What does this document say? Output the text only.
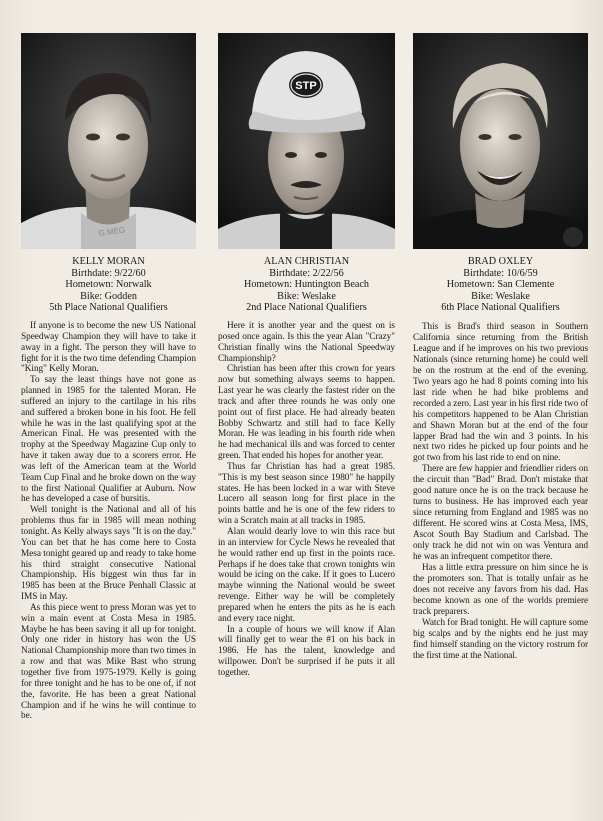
G.MEG
KELLY MORAN
Birthdate: 9/22/60
Hometown: Norwalk
Bike: Godden
5th Place National Qualifiers

If anyone is to become the new US National Speedway Champion they will have to take it away in a fight. The person they will have to fight for it is the two time defending Champion "King" Kelly Moran.

To say the least things have not gone as planned in 1985 for the talented Moran. He suffered an injury to the cartilage in his ribs and suffered a broken bone in his foot. He fell while he was in the last qualifying spot at the American Final. He was presented with the trophy at the Speedway Magazine Cup only to have it taken away due to a scorers error. He was left of the American team at the World Team Cup Final and he broke down on the way to the first National Qualifier at Auburn. Now he has developed a case of bursitis.

Well tonight is the National and all of his problems thus far in 1985 will mean nothing tonight. As Kelly always says "It is on the day." You can bet that he has come here to Costa Mesa tonight geared up and ready to take home his third straight consecutive National Championship. His biggest win thus far in 1985 has been at the Bruce Penhall Classic at IMS in May.

As this piece went to press Moran was yet to win a main event at Costa Mesa in 1985. Maybe he has been saving it all up for tonight. Only one rider in history has won the US National Championship more than two times in a row and that was Mike Bast who strung together five from 1975-1979. Kelly is going for three tonight and he has to be one of, if not the, favorite. He has been a great National Champion and if he wins he will continue to be.

STP
ALAN CHRISTIAN
Birthdate: 2/22/56
Hometown: Huntington Beach
Bike: Weslake
2nd Place National Qualifiers

Here it is another year and the quest on is posed once again. Is this the year Alan "Crazy" Christian finally wins the National Speedway Championship?

Christian has been after this crown for years now but something always seems to happen. Last year he was clearly the fastest rider on the track and after three rounds he was only one point out of first place. He had already beaten Bobby Schwartz and still had to face Kelly Moran. He was leading in his fourth ride when he had mechanical ills and was forced to center green. That ended his hopes for another year.

Thus far Christian has had a great 1985. "This is my best season since 1980" he happily states. He has been locked in a war with Steve Lucero all season long for first place in the points battle and he is one of the few riders to win a Scratch main at all tracks in 1985.

Alan would dearly love to win this race but in an interview for Cycle News he revealed that he would rather end up first in the points race. Perhaps if he does take that crown tonights win would be icing on the cake. If it goes to Lucero maybe winning the National would be sweet revenge. Either way he will be completely prepared when he enters the pits as he is each and every race night.

In a couple of hours we will know if Alan will finally get to wear the #1 on his back in 1986. He has the talent, knowledge and willpower. Don't be surprised if he puts it all together.

BRAD OXLEY
Birthdate: 10/6/59
Hometown: San Clemente
Bike: Weslake
6th Place National Qualifiers

This is Brad's third season in Southern California since returning from the British League and if he improves on his two previous Nationals (since returning home) he could well be on the rostrum at the end of the evening. Two years ago he had 8 points coming into his last ride when he had bike problems and recorded a zero. Last year in his first ride two of his competitors happened to be Alan Christian and Shawn Moran but at the end of the four lapper Brad had the win and 3 points. In his next two rides he picked up four points and he got two from his last ride to end on nine.

There are few happier and friendlier riders on the circuit than "Bad" Brad. Don't mistake that good nature once he is on the track because he turns to business. He has improved each year since returning from England and 1985 was no different. He scored wins at Costa Mesa, IMS, Ascot South Bay Stadium and Carlsbad. The only track he did not win on was Ventura and he was an infrequent competitor there.

Has a little extra pressure on him since he is the promoters son. That is totally unfair as he does not receive any favors from his dad. Has become known as one of the worlds premiere track preparers.

Watch for Brad tonight. He will capture some big scalps and by the nights end he just may find himself standing on the victory rostrum for the first time at the National.
